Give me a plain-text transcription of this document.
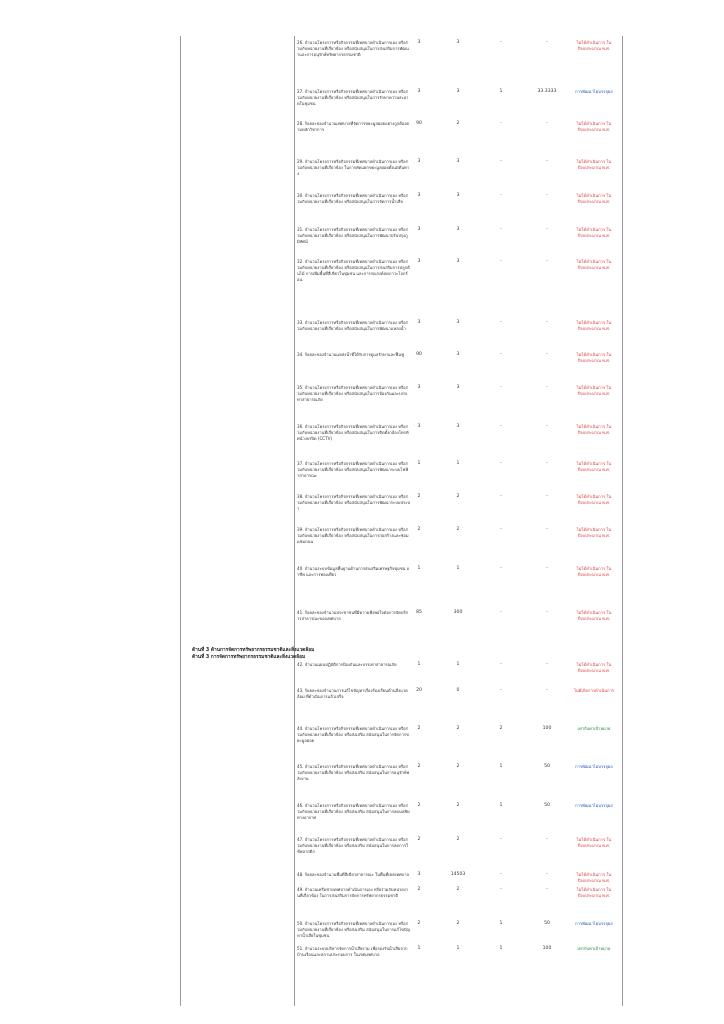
ด้านที่ 3 ด้านการจัดการทรัพยากรธรรมชาติและสิ่งแวดล้อม
ด้านที่ 3 การจัดการทรัพยากรธรรมชาติและสิ่งแวดล้อม
26. จำนวนโครงการหรือกิจกรรมที่เทศบาลดำเนินการเอง หรือร่วมกับหน่วยงานที่เกี่ยวข้อง หรือสนับสนุนในการส่งเสริมการพัฒนาและการอนุรักษ์ทรัพยากรธรรมชาติ
3	3	-	-	ไม่ได้ดำเนินการ ในปีงบประมาณ พ.ศ.
27. จำนวนโครงการหรือกิจกรรมที่เทศบาลดำเนินการเอง หรือร่วมกับหน่วยงานที่เกี่ยวข้อง หรือสนับสนุนในการรักษาความสะอาดในชุมชน
3	3	1	33.3333	การพัฒนาไม่บรรลุผล
28. ร้อยละของจำนวนเทศบาลที่จัดการขยะมูลฝอยอย่างถูกต้องตามหลักวิชาการ
90	2	-	-	ไม่ได้ดำเนินการ ในปีงบประมาณ พ.ศ.
29. จำนวนโครงการหรือกิจกรรมที่เทศบาลดำเนินการเอง หรือร่วมกับหน่วยงานที่เกี่ยวข้อง ในการคัดแยกขยะมูลฝอยตั้งแต่ต้นทาง
3	3	-	-	ไม่ได้ดำเนินการ ในปีงบประมาณ พ.ศ.
30. จำนวนโครงการหรือกิจกรรมที่เทศบาลดำเนินการเอง หรือร่วมกับหน่วยงานที่เกี่ยวข้อง หรือสนับสนุนในการจัดการน้ำเสีย
3	3	-	-	ไม่ได้ดำเนินการ ในปีงบประมาณ พ.ศ.
31. จำนวนโครงการหรือกิจกรรมที่เทศบาลดำเนินการเอง หรือร่วมกับหน่วยงานที่เกี่ยวข้อง หรือสนับสนุนในการพัฒนาปรับปรุงภูมิทัศน์
3	3	-	-	ไม่ได้ดำเนินการ ในปีงบประมาณ พ.ศ.
32. จำนวนโครงการหรือกิจกรรมที่เทศบาลดำเนินการเอง หรือร่วมกับหน่วยงานที่เกี่ยวข้อง หรือสนับสนุนในการส่งเสริมการปลูกต้นไม้ การเพิ่มพื้นที่สีเขียวในชุมชน และการรณรงค์ลดภาวะโลกร้อน
3	3	-	-	ไม่ได้ดำเนินการ ในปีงบประมาณ พ.ศ.
33. จำนวนโครงการหรือกิจกรรมที่เทศบาลดำเนินการเอง หรือร่วมกับหน่วยงานที่เกี่ยวข้อง หรือสนับสนุนในการพัฒนาแหล่งน้ำ
3	3	-	-	ไม่ได้ดำเนินการ ในปีงบประมาณ พ.ศ.
34. ร้อยละของจำนวนแหล่งน้ำที่ได้รับการดูแลรักษาและฟื้นฟู	90	3	-	-	ไม่ได้ดำเนินการ ในปีงบประมาณ พ.ศ.
35. จำนวนโครงการหรือกิจกรรมที่เทศบาลดำเนินการเอง หรือร่วมกับหน่วยงานที่เกี่ยวข้อง หรือสนับสนุนในการป้องกันและบรรเทาสาธารณภัย
3	3	-	-	ไม่ได้ดำเนินการ ในปีงบประมาณ พ.ศ.
36. จำนวนโครงการหรือกิจกรรมที่เทศบาลดำเนินการเอง หรือร่วมกับหน่วยงานที่เกี่ยวข้อง หรือสนับสนุนในการติดตั้งกล้องโทรทัศน์วงจรปิด (CCTV)
3	3	-	-	ไม่ได้ดำเนินการ ในปีงบประมาณ พ.ศ.
37. จำนวนโครงการหรือกิจกรรมที่เทศบาลดำเนินการเอง หรือร่วมกับหน่วยงานที่เกี่ยวข้อง หรือสนับสนุนในการพัฒนาระบบไฟฟ้าสาธารณะ
1	1	-	-	ไม่ได้ดำเนินการ ในปีงบประมาณ พ.ศ.
38. จำนวนโครงการหรือกิจกรรมที่เทศบาลดำเนินการเอง หรือร่วมกับหน่วยงานที่เกี่ยวข้อง หรือสนับสนุนในการพัฒนาระบบประปา
2	2	-	-	ไม่ได้ดำเนินการ ในปีงบประมาณ พ.ศ.
39. จำนวนโครงการหรือกิจกรรมที่เทศบาลดำเนินการเอง หรือร่วมกับหน่วยงานที่เกี่ยวข้อง หรือสนับสนุนในการก่อสร้างและซ่อมแซมถนน
2	2	-	-	ไม่ได้ดำเนินการ ในปีงบประมาณ พ.ศ.
40. จำนวนระบบข้อมูลพื้นฐานด้านการส่งเสริมเศรษฐกิจชุมชน อาชีพ และการท่องเที่ยว
1	1	-	-	ไม่ได้ดำเนินการ ในปีงบประมาณ พ.ศ.
41. ร้อยละของจำนวนประชาชนที่มีความพึงพอใจต่อการจัดบริการสาธารณะของเทศบาล
85	300	-	-	ไม่ได้ดำเนินการ ในปีงบประมาณ พ.ศ.
42. จำนวนแผนปฏิบัติการป้องกันและบรรเทาสาธารณภัย	1	1	-	-	ไม่ได้ดำเนินการ ในปีงบประมาณ พ.ศ.
43. ร้อยละของจำนวนการแก้ไขปัญหาเรื่องร้องเรียนด้านสิ่งแวดล้อม ที่ดำเนินการแล้วเสร็จ
20	0	-	-	ไม่มีเกิดการดำเนินการ
44. จำนวนโครงการหรือกิจกรรมที่เทศบาลดำเนินการเอง หรือร่วมกับหน่วยงานที่เกี่ยวข้อง หรือส่งเสริม สนับสนุนในการจัดการขยะมูลฝอย
2	2	2	100	เท่ากับค่าเป้าหมาย
45. จำนวนโครงการหรือกิจกรรมที่เทศบาลดำเนินการเอง หรือร่วมกับหน่วยงานที่เกี่ยวข้อง หรือส่งเสริม สนับสนุนในการอนุรักษ์พลังงาน
2	2	1	50	การพัฒนาไม่บรรลุผล
46. จำนวนโครงการหรือกิจกรรมที่เทศบาลดำเนินการเอง หรือร่วมกับหน่วยงานที่เกี่ยวข้อง หรือส่งเสริม สนับสนุนในการลดมลพิษทางอากาศ
2	2	1	50	การพัฒนาไม่บรรลุผล
47. จำนวนโครงการหรือกิจกรรมที่เทศบาลดำเนินการเอง หรือร่วมกับหน่วยงานที่เกี่ยวข้อง หรือส่งเสริม สนับสนุนในการลดการใช้พลาสติก
2	2	-	-	ไม่ได้ดำเนินการ ในปีงบประมาณ พ.ศ.
48. ร้อยละของจำนวนพื้นที่สีเขียวสาธารณะ ในพื้นที่เขตเทศบาล	3	14503	-	-	ไม่ได้ดำเนินการ ในปีงบประมาณ พ.ศ.
49. จำนวนเครือข่ายเทศบาลดำเนินการเอง หรือร่วมกับหน่วยงานที่เกี่ยวข้อง ในการส่งเสริมการจัดการทรัพยากรธรรมชาติ
2	2	-	-	ไม่ได้ดำเนินการ ในปีงบประมาณ พ.ศ.
50. จำนวนโครงการหรือกิจกรรมที่เทศบาลดำเนินการเอง หรือร่วมกับหน่วยงานที่เกี่ยวข้อง หรือส่งเสริม สนับสนุนในการแก้ไขปัญหาน้ำเสียในชุมชน
2	2	1	50	การพัฒนาไม่บรรลุผล
51. จำนวนระบบบริหารจัดการน้ำเสียรวม เพื่อรองรับน้ำเสียจากบ้านเรือนและสถานประกอบการ ในเขตเทศบาล
1	1	1	100	เท่ากับค่าเป้าหมาย
